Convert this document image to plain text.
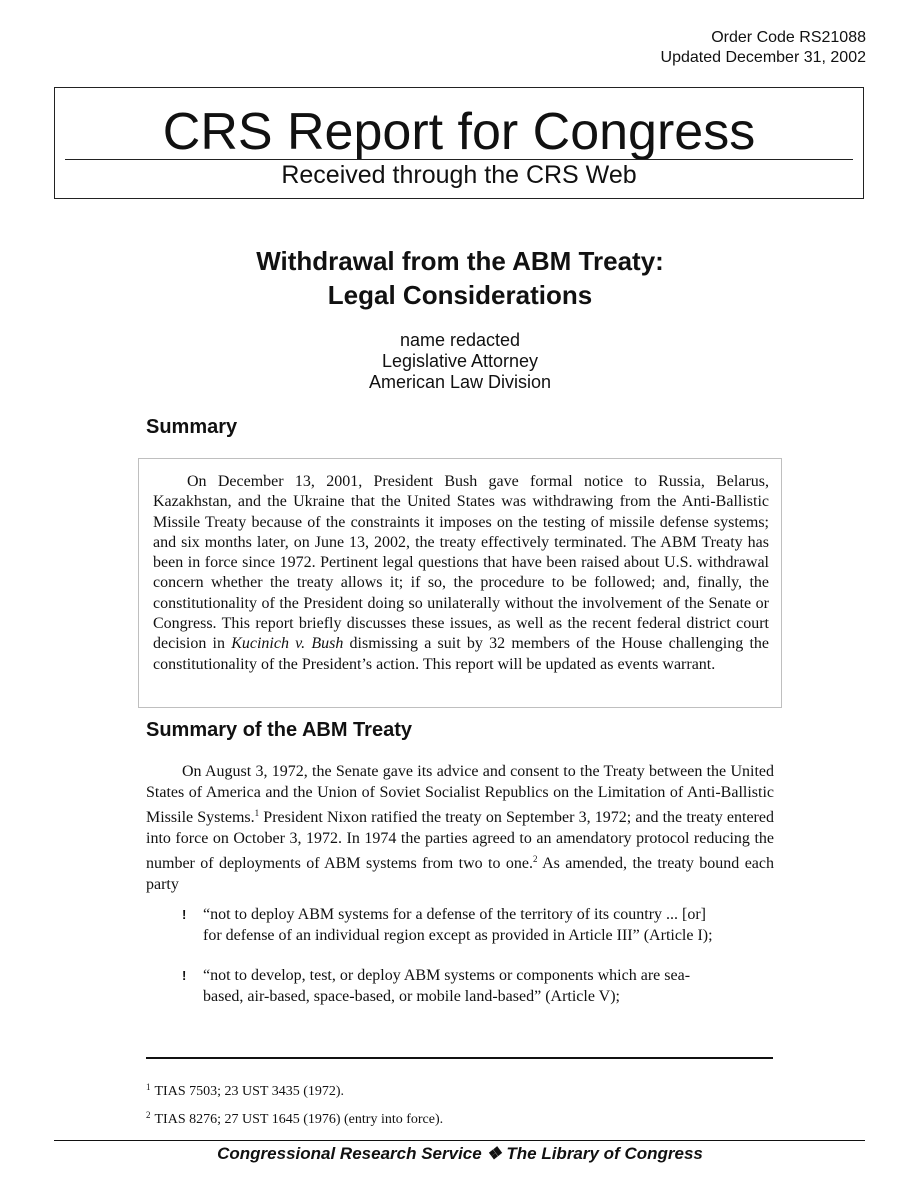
Order Code RS21088
Updated December 31, 2002
CRS Report for Congress
Received through the CRS Web
Withdrawal from the ABM Treaty:
Legal Considerations
name redacted
Legislative Attorney
American Law Division
Summary
On December 13, 2001, President Bush gave formal notice to Russia, Belarus, Kazakhstan, and the Ukraine that the United States was withdrawing from the Anti-Ballistic Missile Treaty because of the constraints it imposes on the testing of missile defense systems; and six months later, on June 13, 2002, the treaty effectively terminated. The ABM Treaty has been in force since 1972. Pertinent legal questions that have been raised about U.S. withdrawal concern whether the treaty allows it; if so, the procedure to be followed; and, finally, the constitutionality of the President doing so unilaterally without the involvement of the Senate or Congress. This report briefly discusses these issues, as well as the recent federal district court decision in Kucinich v. Bush dismissing a suit by 32 members of the House challenging the constitutionality of the President’s action. This report will be updated as events warrant.
Summary of the ABM Treaty
On August 3, 1972, the Senate gave its advice and consent to the Treaty between the United States of America and the Union of Soviet Socialist Republics on the Limitation of Anti-Ballistic Missile Systems.$^1$ President Nixon ratified the treaty on September 3, 1972; and the treaty entered into force on October 3, 1972. In 1974 the parties agreed to an amendatory protocol reducing the number of deployments of ABM systems from two to one.$^2$ As amended, the treaty bound each party
! “not to deploy ABM systems for a defense of the territory of its country ... [or] for defense of an individual region except as provided in Article III” (Article I);
! “not to develop, test, or deploy ABM systems or components which are sea-based, air-based, space-based, or mobile land-based” (Article V);
$^1$ TIAS 7503; 23 UST 3435 (1972).
$^2$ TIAS 8276; 27 UST 1645 (1976) (entry into force).
Congressional Research Service ❖ The Library of Congress
